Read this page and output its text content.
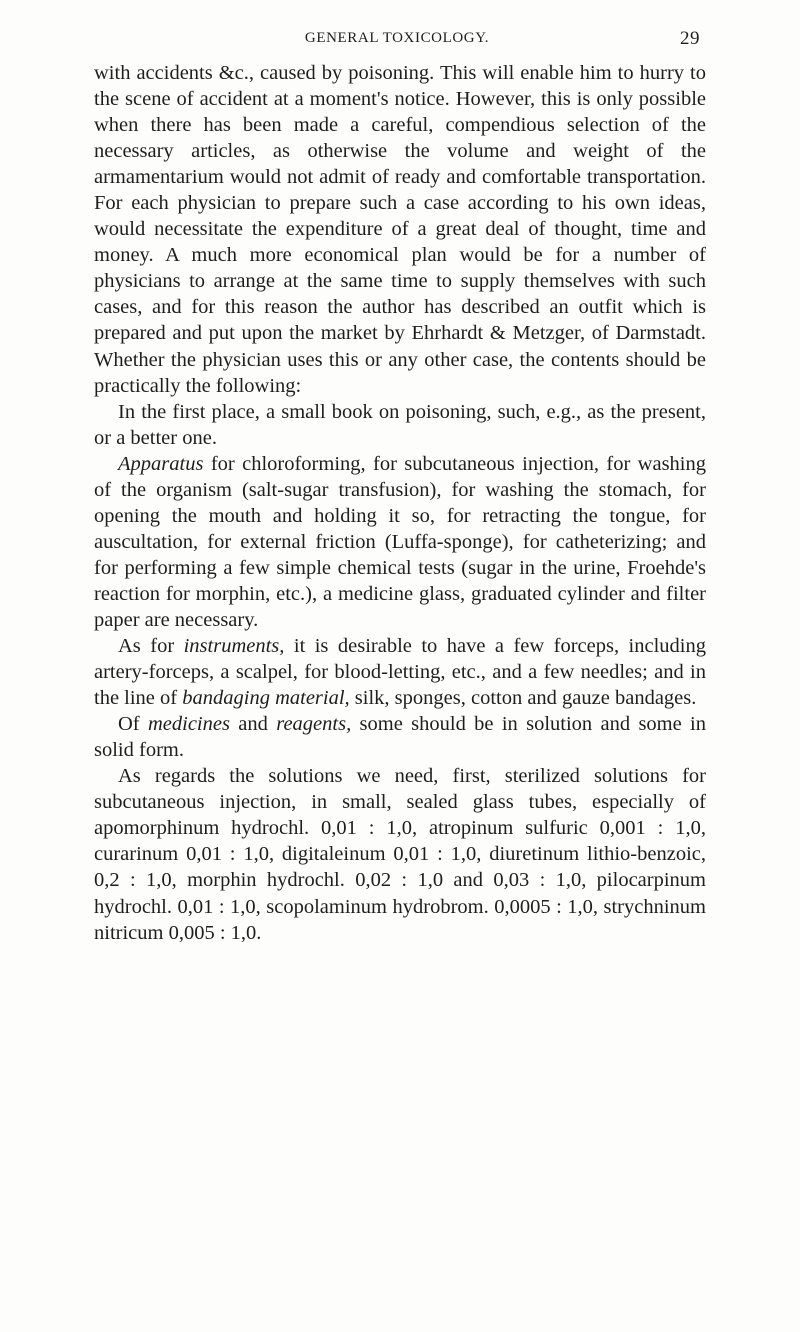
GENERAL TOXICOLOGY.	29

with accidents &c., caused by poisoning. This will enable him to hurry to the scene of accident at a moment's notice. However, this is only possible when there has been made a careful, compendious selection of the necessary articles, as otherwise the volume and weight of the armamentarium would not admit of ready and comfortable transportation. For each physician to prepare such a case according to his own ideas, would necessitate the expenditure of a great deal of thought, time and money. A much more economical plan would be for a number of physicians to arrange at the same time to supply themselves with such cases, and for this reason the author has described an outfit which is prepared and put upon the market by Ehrhardt & Metzger, of Darmstadt. Whether the physician uses this or any other case, the contents should be practically the following:

In the first place, a small book on poisoning, such, e.g., as the present, or a better one.

Apparatus for chloroforming, for subcutaneous injection, for washing of the organism (salt-sugar transfusion), for washing the stomach, for opening the mouth and holding it so, for retracting the tongue, for auscultation, for external friction (Luffa-sponge), for catheterizing; and for performing a few simple chemical tests (sugar in the urine, Froehde's reaction for morphin, etc.), a medicine glass, graduated cylinder and filter paper are necessary.

As for instruments, it is desirable to have a few forceps, including artery-forceps, a scalpel, for blood-letting, etc., and a few needles; and in the line of bandaging material, silk, sponges, cotton and gauze bandages.

Of medicines and reagents, some should be in solution and some in solid form.

As regards the solutions we need, first, sterilized solutions for subcutaneous injection, in small, sealed glass tubes, especially of apomorphinum hydrochl. 0,01 : 1,0, atropinum sulfuric 0,001 : 1,0, curarinum 0,01 : 1,0, digitaleinum 0,01 : 1,0, diuretinum lithio-benzoic, 0,2 : 1,0, morphin hydrochl. 0,02 : 1,0 and 0,03 : 1,0, pilocarpinum hydrochl. 0,01 : 1,0, scopolaminum hydrobrom. 0,0005 : 1,0, strychninum nitricum 0,005 : 1,0.
